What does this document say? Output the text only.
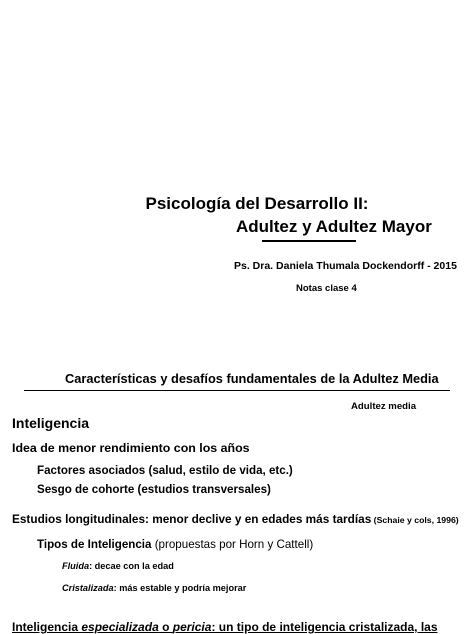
Psicología del Desarrollo II:
Adultez y Adultez Mayor
Ps. Dra. Daniela Thumala Dockendorff - 2015
Notas clase 4
Características y desafíos fundamentales de la Adultez Media
Adultez media
Inteligencia
Idea de menor rendimiento con los años
Factores asociados (salud, estilo de vida, etc.)
Sesgo de cohorte (estudios transversales)
Estudios longitudinales: menor declive y en edades más tardías (Schaie y cols, 1996)
Tipos de Inteligencia (propuestas por Horn y Cattell)
Fluida: decae con la edad
Cristalizada: más estable y podría mejorar
Inteligencia especializada o pericia: un tipo de inteligencia cristalizada, las
